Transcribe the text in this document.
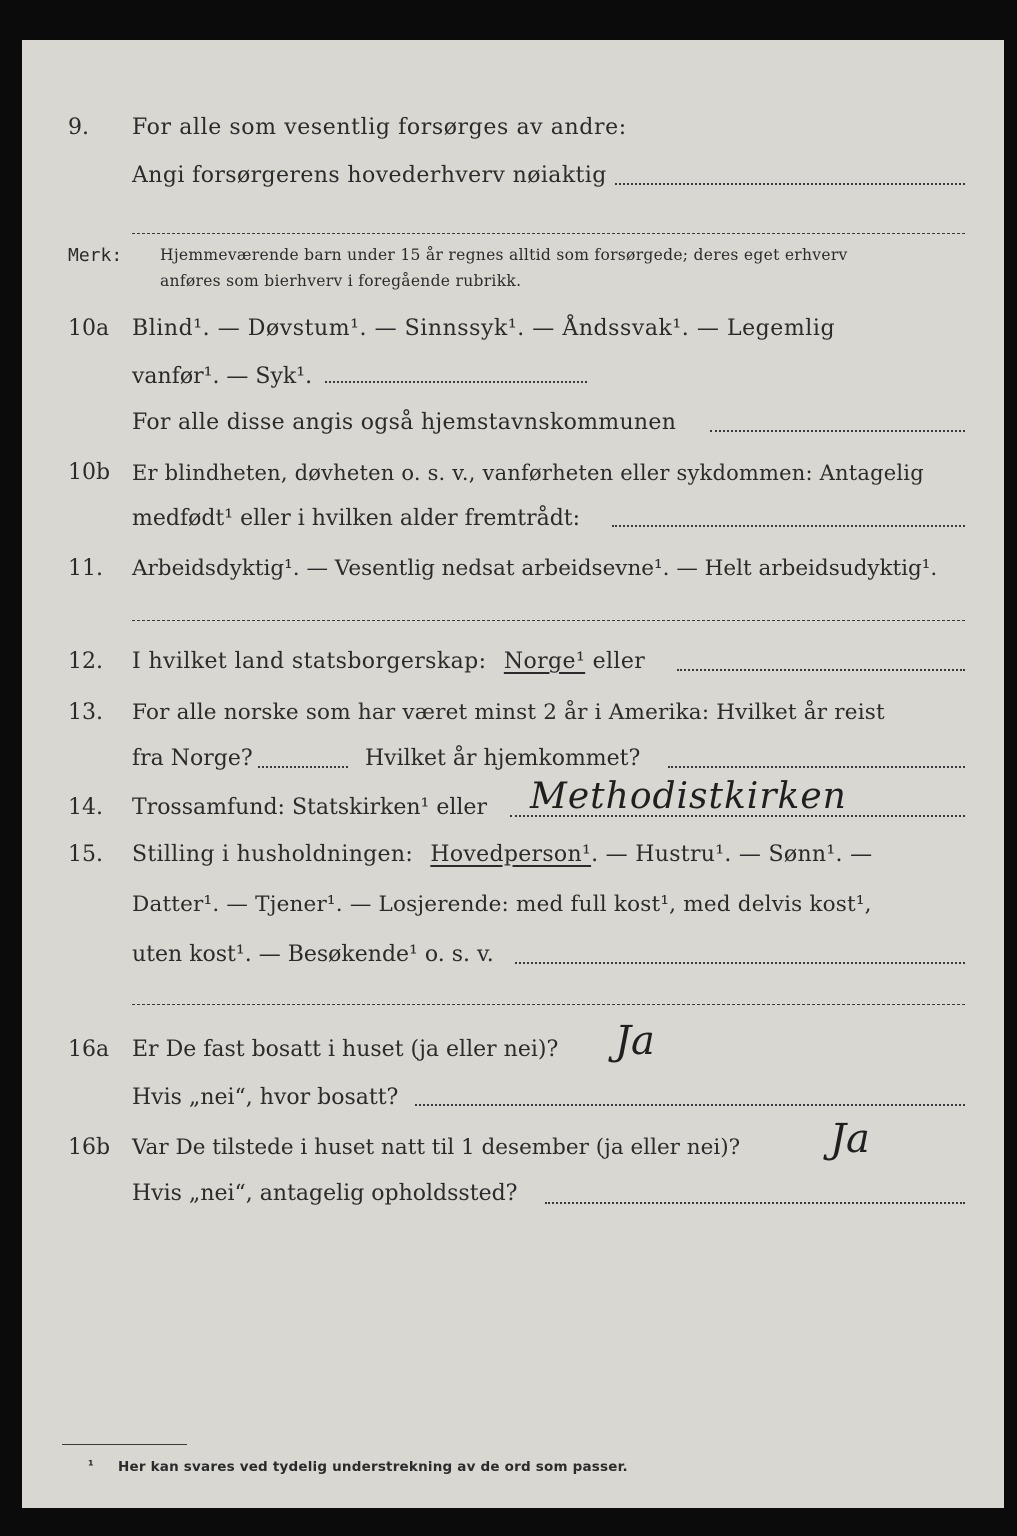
9. For alle som vesentlig forsørges av andre:
Angi forsørgerens hovederhverv nøiaktig
Merk: Hjemmeværende barn under 15 år regnes alltid som forsørgede; deres eget erhverv
anføres som bierhverv i foregående rubrikk.
10a Blind¹. — Døvstum¹. — Sinnssyk¹. — Åndssvak¹. — Legemlig
vanfør¹. — Syk¹.
For alle disse angis også hjemstavnskommunen
10b Er blindheten, døvheten o. s. v., vanførheten eller sykdommen: Antagelig
medfødt¹ eller i hvilken alder fremtrådt:
11. Arbeidsdyktig¹. — Vesentlig nedsat arbeidsevne¹. — Helt arbeidsudyktig¹.
12. I hvilket land statsborgerskap: Norge¹ eller
13. For alle norske som har været minst 2 år i Amerika: Hvilket år reist
fra Norge?	Hvilket år hjemkommet?
14. Trossamfund: Statskirken¹ eller Methodistkirken
15. Stilling i husholdningen: Hovedperson¹. — Hustru¹. — Sønn¹. —
Datter¹. — Tjener¹. — Losjerende: med full kost¹, med delvis kost¹,
uten kost¹. — Besøkende¹ o. s. v.
16a Er De fast bosatt i huset (ja eller nei)? Ja
Hvis „nei“, hvor bosatt?
16b Var De tilstede i huset natt til 1 desember (ja eller nei)? Ja
Hvis „nei“, antagelig opholdssted?
¹ Her kan svares ved tydelig understrekning av de ord som passer.
